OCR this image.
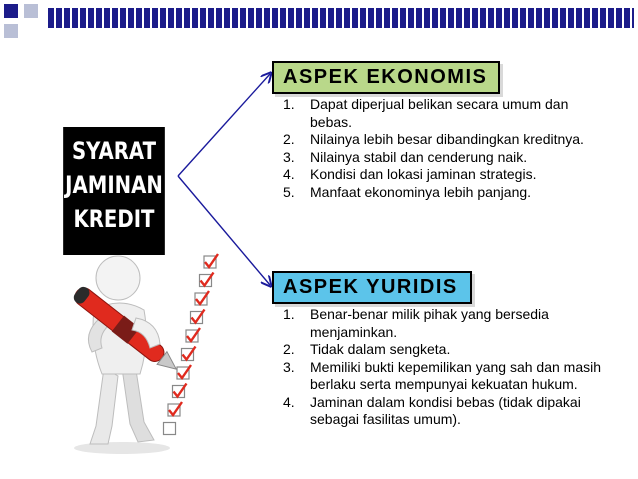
SYARAT
JAMINAN
KREDIT
ASPEK EKONOMIS
1. Dapat diperjual belikan secara umum dan bebas.
2. Nilainya lebih besar dibandingkan kreditnya.
3. Nilainya stabil dan cenderung naik.
4. Kondisi dan lokasi jaminan strategis.
5. Manfaat ekonominya lebih panjang.
ASPEK YURIDIS
1. Benar-benar milik pihak yang bersedia menjaminkan.
2. Tidak dalam sengketa.
3. Memiliki bukti kepemilikan yang sah dan masih berlaku serta mempunyai kekuatan hukum.
4. Jaminan dalam kondisi bebas (tidak dipakai sebagai fasilitas umum).
